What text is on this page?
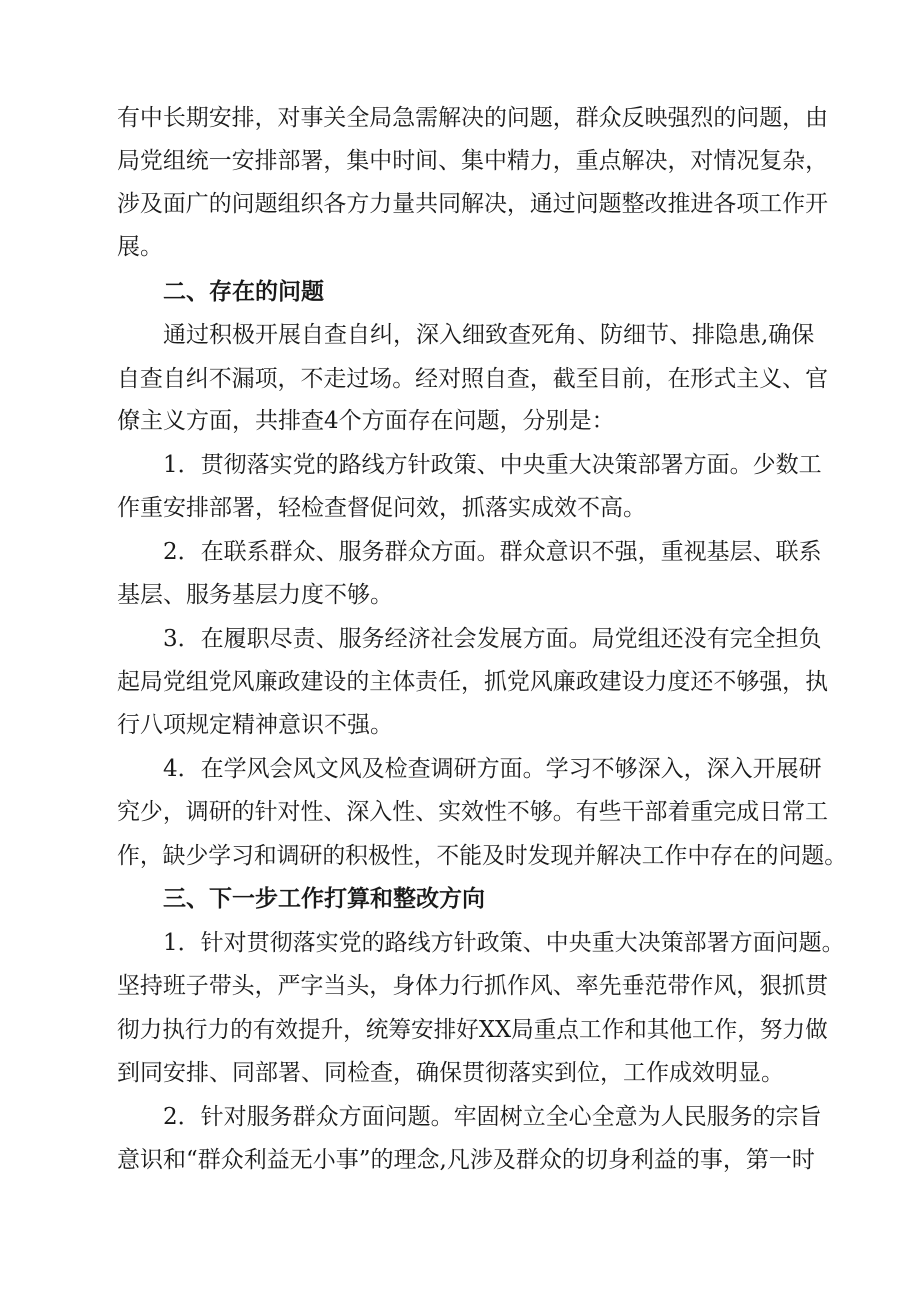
有中长期安排，对事关全局急需解决的问题，群众反映强烈的问题，由
局党组统一安排部署，集中时间、集中精力，重点解决，对情况复杂，
涉及面广的问题组织各方力量共同解决，通过问题整改推进各项工作开
展。
二、存在的问题
通过积极开展自查自纠，深入细致查死角、防细节、排隐患,确保
自查自纠不漏项，不走过场。经对照自查，截至目前，在形式主义、官
僚主义方面，共排查4个方面存在问题，分别是：
1．贯彻落实党的路线方针政策、中央重大决策部署方面。少数工
作重安排部署，轻检查督促问效，抓落实成效不高。
2．在联系群众、服务群众方面。群众意识不强，重视基层、联系
基层、服务基层力度不够。
3．在履职尽责、服务经济社会发展方面。局党组还没有完全担负
起局党组党风廉政建设的主体责任，抓党风廉政建设力度还不够强，执
行八项规定精神意识不强。
4．在学风会风文风及检查调研方面。学习不够深入，深入开展研
究少，调研的针对性、深入性、实效性不够。有些干部着重完成日常工
作，缺少学习和调研的积极性，不能及时发现并解决工作中存在的问题。
三、下一步工作打算和整改方向
1．针对贯彻落实党的路线方针政策、中央重大决策部署方面问题。
坚持班子带头，严字当头，身体力行抓作风、率先垂范带作风，狠抓贯
彻力执行力的有效提升，统筹安排好XX局重点工作和其他工作，努力做
到同安排、同部署、同检查，确保贯彻落实到位，工作成效明显。
2．针对服务群众方面问题。牢固树立全心全意为人民服务的宗旨
意识和“群众利益无小事”的理念,凡涉及群众的切身利益的事，第一时
